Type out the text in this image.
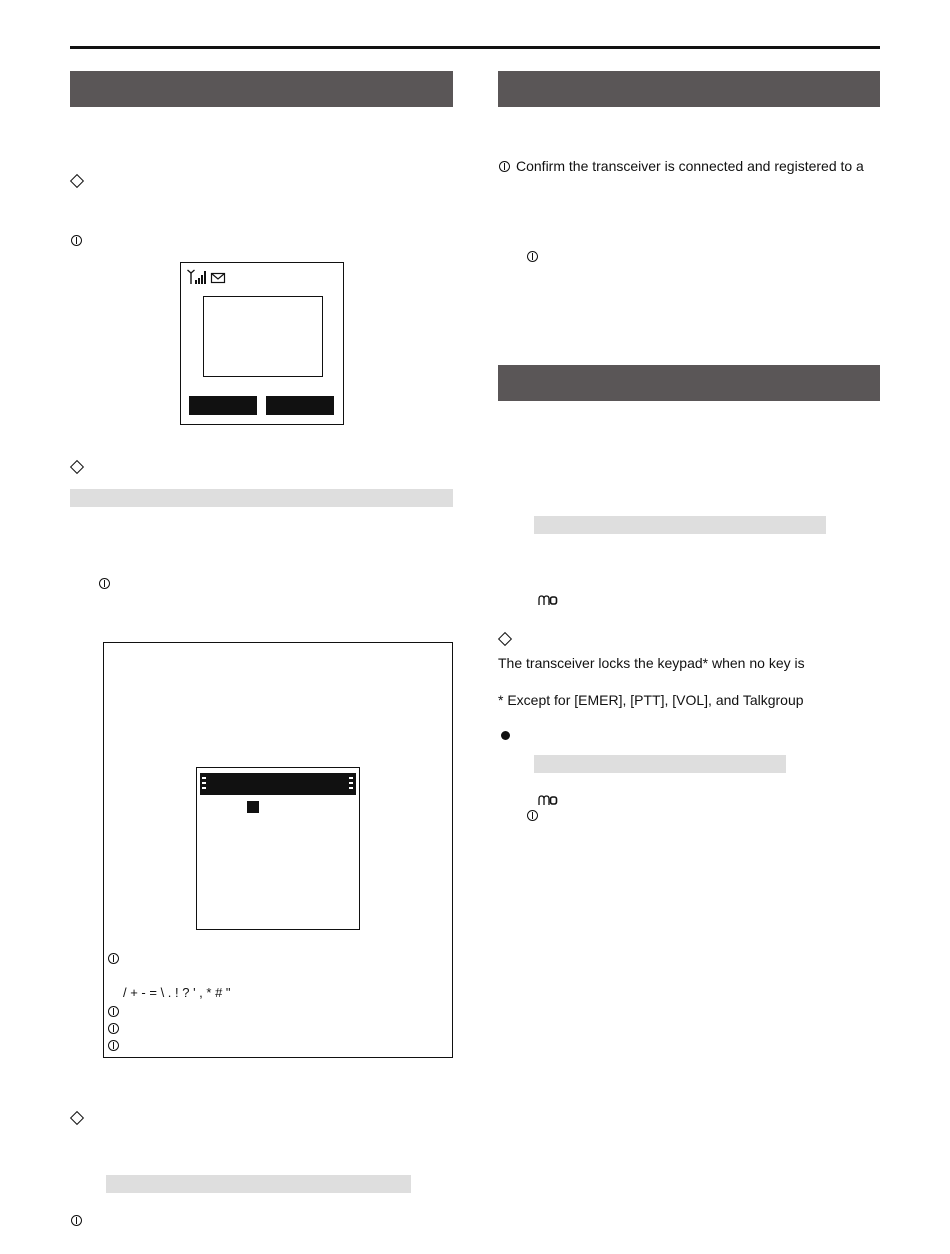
/ + - = \ . ! ? ' , * # "
Confirm the transceiver is connected and registered to a
The transceiver locks the keypad* when no key is
* Except for [EMER], [PTT], [VOL], and Talkgroup
